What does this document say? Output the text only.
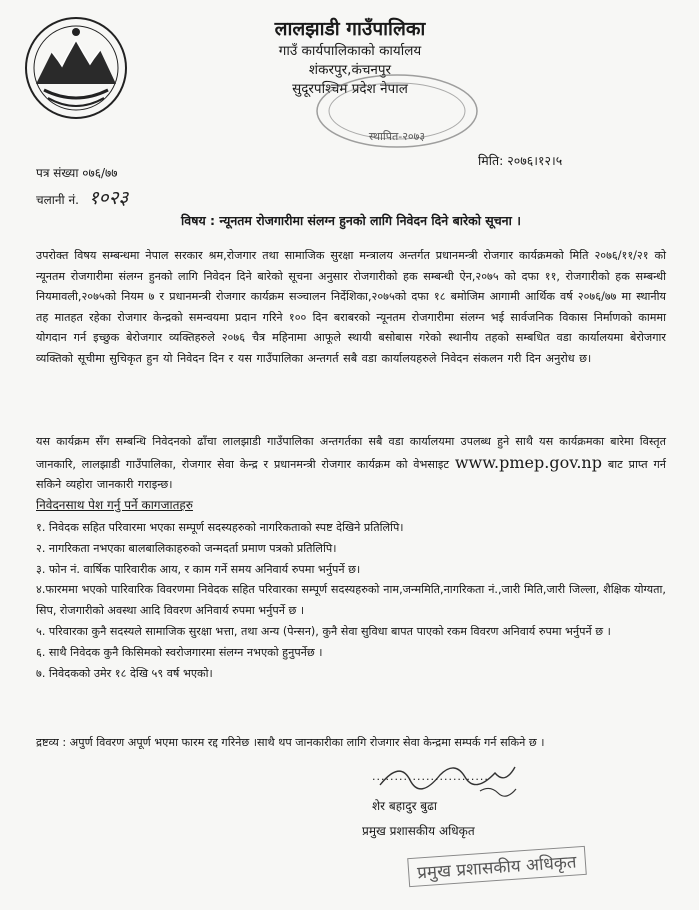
लालझाडी गाउँपालिका
गाउँ कार्यपालिकाको कार्यालय
शंकरपुर,कंचनपुर
सुदूरपश्चिम प्रदेश नेपाल
स्थापित-२०७३
मिति: २०७६।१२।५
पत्र संख्या ०७६/७७
चलानी नं. १०२३
विषय : न्यूनतम रोजगारीमा संलग्न हुनको लागि निवेदन दिने बारेको सूचना ।
उपरोक्त विषय सम्बन्धमा नेपाल सरकार श्रम,रोजगार तथा सामाजिक सुरक्षा मन्त्रालय अन्तर्गत प्रधानमन्त्री रोजगार कार्यक्रमको मिति २०७६/११/२१ को न्यूनतम रोजगारीमा संलग्न हुनको लागि निवेदन दिने बारेको सूचना अनुसार रोजगारीको हक सम्बन्धी ऐन,२०७५ को दफा ११, रोजगारीको हक सम्बन्धी नियमावली,२०७५को नियम ७ र प्रधानमन्त्री रोजगार कार्यक्रम सञ्चालन निर्देशिका,२०७५को दफा १८ बमोजिम आगामी आर्थिक वर्ष २०७६/७७ मा स्थानीय तह मातहत रहेका रोजगार केन्द्रको समन्वयमा प्रदान गरिने १०० दिन बराबरको न्यूनतम रोजगारीमा संलग्न भई सार्वजनिक विकास निर्माणको काममा योगदान गर्न इच्छुक बेरोजगार व्यक्तिहरुले २०७६ चैत्र महिनामा आफूले स्थायी बसोबास गरेको स्थानीय तहको सम्बधित वडा कार्यालयमा बेरोजगार व्यक्तिको सूचीमा सुचिकृत हुन यो निवेदन दिन र यस गाउँपालिका अन्तगर्त सबै वडा कार्यालयहरुले निवेदन संकलन गरी दिन अनुरोध छ।
यस कार्यक्रम सँग सम्बन्धि निवेदनको ढाँचा लालझाडी गाउँपालिका अन्तगर्तका सबै वडा कार्यालयमा उपलब्ध हुने साथै यस कार्यक्रमका बारेमा विस्तृत जानकारि, लालझाडी गाउँपालिका, रोजगार सेवा केन्द्र र प्रधानमन्त्री रोजगार कार्यक्रम को वेभसाइट www.pmep.gov.np बाट प्राप्त गर्न सकिने व्यहोरा जानकारी गराइन्छ।
निवेदनसाथ पेश गर्नु पर्ने कागजातहरु
१. निवेदक सहित परिवारमा भएका सम्पूर्ण सदस्यहरुको नागरिकताको स्पष्ट देखिने प्रतिलिपि।
२. नागरिकता नभएका बालबालिकाहरुको जन्मदर्ता प्रमाण पत्रको प्रतिलिपि।
३. फोन नं. वार्षिक पारिवारीक आय, र काम गर्ने समय अनिवार्य रुपमा भर्नुपर्ने छ।
४.फारममा भएको पारिवारिक विवरणमा निवेदक सहित परिवारका सम्पूर्ण सदस्यहरुको नाम,जन्ममिति,नागरिकता नं.,जारी मिति,जारी जिल्ला, शैक्षिक योग्यता, सिप, रोजगारीको अवस्था आदि विवरण अनिवार्य रुपमा भर्नुपर्ने छ ।
५. परिवारका कुनै सदस्यले सामाजिक सुरक्षा भत्ता, तथा अन्य (पेन्सन), कुनै सेवा सुविधा बापत पाएको रकम विवरण अनिवार्य रुपमा भर्नुपर्ने छ ।
६. साथै निवेदक कुनै किसिमको स्वरोजगारमा संलग्न नभएको हुनुपर्नेछ ।
७. निवेदकको उमेर १८ देखि ५९ वर्ष भएको।
द्रष्टव्य : अपुर्ण विवरण अपूर्ण भएमा फारम रद्द गरिनेछ ।साथै थप जानकारीका लागि रोजगार सेवा केन्द्रमा सम्पर्क गर्न सकिने छ ।
..........................
शेर बहादुर बुढा
प्रमुख प्रशासकीय अधिकृत
प्रमुख प्रशासकीय अधिकृत
